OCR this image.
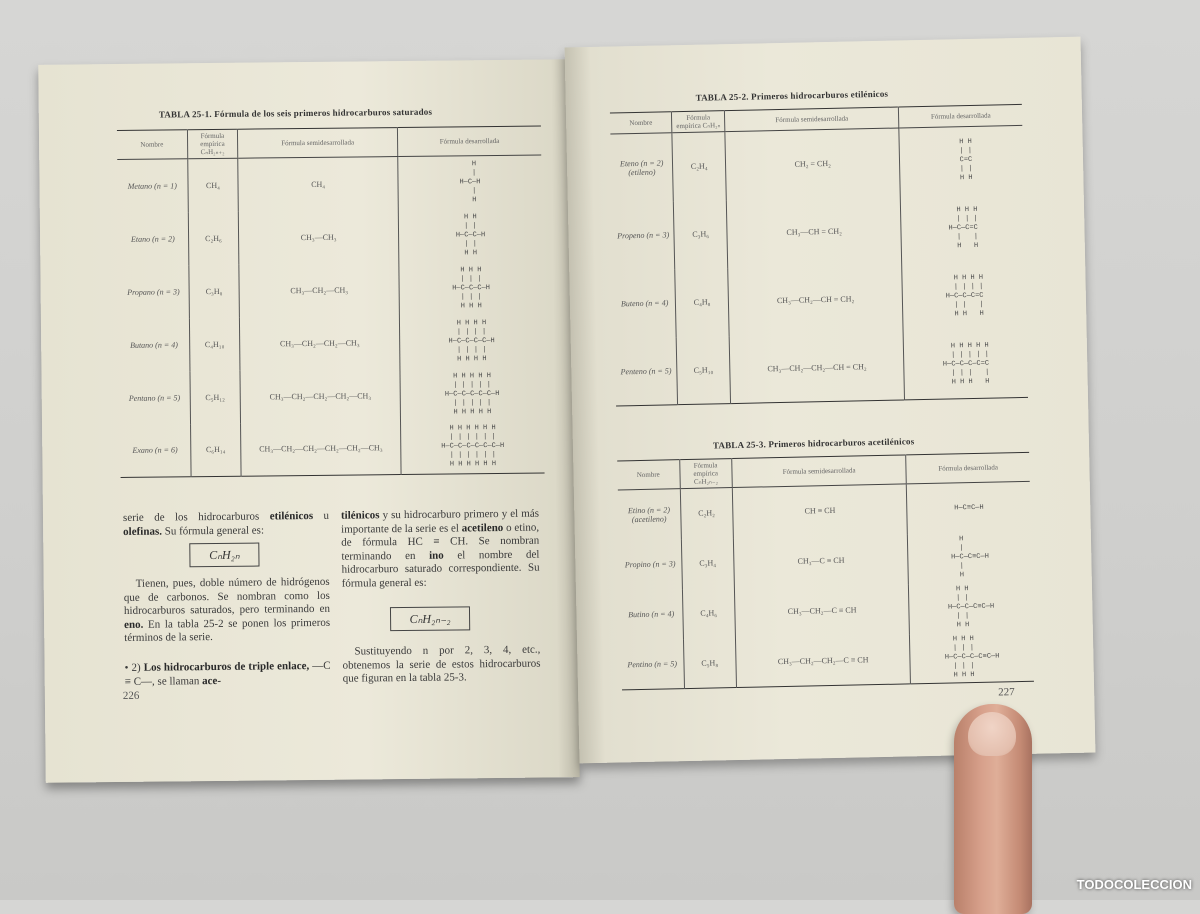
TABLA 25-1. Fórmula de los seis primeros hidrocarburos saturados
Nombre	Fórmula empírica CₙH₂ₙ₊₂	Fórmula semidesarrollada	Fórmula desarrollada
Metano (n = 1)	CH₄	CH₄	H
|
H—C—H
|
H
Etano (n = 2)	C₂H₆	CH₃—CH₃	H H
| |
H—C—C—H
| |
H H
Propano (n = 3)	C₃H₈	CH₃—CH₂—CH₃	H H H
| | |
H—C—C—C—H
| | |
H H H
Butano (n = 4)	C₄H₁₀	CH₃—CH₂—CH₂—CH₃	H H H H
| | | |
H—C—C—C—C—H
| | | |
H H H H
Pentano (n = 5)	C₅H₁₂	CH₃—CH₂—CH₂—CH₂—CH₃	H H H H H
| | | | |
H—C—C—C—C—C—H
| | | | |
H H H H H
Exano (n = 6)	C₆H₁₄	CH₃—CH₂—CH₂—CH₂—CH₂—CH₃	H H H H H H
| | | | | |
H—C—C—C—C—C—C—H
| | | | | |
H H H H H H
serie de los hidrocarburos etilénicos u olefinas. Su fórmula general es:
CₙH₂ₙ
Tienen, pues, doble número de hidrógenos que de carbonos. Se nombran como los hidrocarburos saturados, pero terminando en eno. En la tabla 25-2 se ponen los primeros términos de la serie.
• 2) Los hidrocarburos de triple enlace, —C ≡ C—, se llaman ace-
tilénicos y su hidrocarburo primero y el más importante de la serie es el acetileno o etino, de fórmula HC ≡ CH. Se nombran terminando en ino el nombre del hidrocarburo saturado correspondiente. Su fórmula general es:
CₙH₂ₙ₋₂
Sustituyendo n por 2, 3, 4, etc., obtenemos la serie de estos hidrocarburos que figuran en la tabla 25-3.
226
TABLA 25-2. Primeros hidrocarburos etilénicos
Nombre	Fórmula empírica CₙH₂ₙ	Fórmula semidesarrollada	Fórmula desarrollada
Eteno (n = 2) (etileno)	C₂H₄	CH₂ = CH₂	H H
| |
C=C
| |
H H
Propeno (n = 3)	C₃H₆	CH₃—CH = CH₂	H H H
| | |
H—C—C=C
|   |
H   H
Buteno (n = 4)	C₄H₈	CH₃—CH₂—CH = CH₂	H H H H
| | | |
H—C—C—C=C
| |   |
H H   H
Penteno (n = 5)	C₅H₁₀	CH₃—CH₂—CH₂—CH = CH₂	H H H H H
| | | | |
H—C—C—C—C=C
| | |   |
H H H   H
TABLA 25-3. Primeros hidrocarburos acetilénicos
Nombre	Fórmula empírica CₙH₂ₙ₋₂	Fórmula semidesarrollada	Fórmula desarrollada
Etino (n = 2) (acetileno)	C₂H₂	CH ≡ CH	H—C≡C—H
Propino (n = 3)	C₃H₄	CH₃—C ≡ CH	H
|
H—C—C≡C—H
|
H
Butino (n = 4)	C₄H₆	CH₃—CH₂—C ≡ CH	H H
| |
H—C—C—C≡C—H
| |
H H
Pentino (n = 5)	C₅H₈	CH₃—CH₂—CH₂—C ≡ CH	H H H
| | |
H—C—C—C—C≡C—H
| | |
H H H
227
TODOCOLECCION
